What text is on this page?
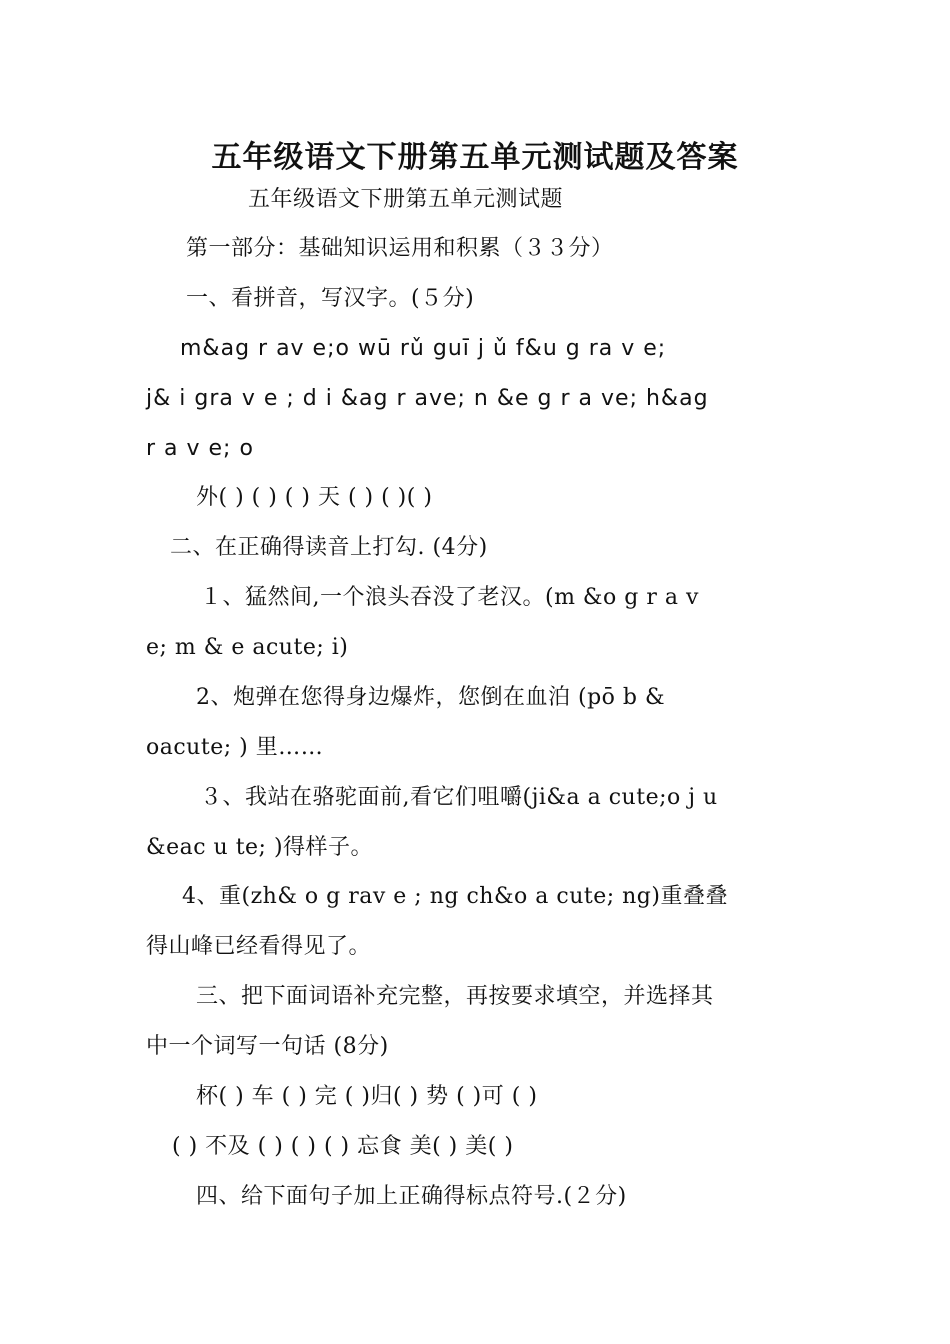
五年级语文下册第五单元测试题及答案
五年级语文下册第五单元测试题
第一部分：基础知识运用和积累（３３分）
一、看拼音，写汉字。(５分)
m&ag r av e;o wū rǔ guī j ǔ f&u g ra v e;
j& i gra v e ; d i &ag r ave; n &e g r a ve; h&ag
r a v e; o
外( ) ( ) ( ) 天 ( ) ( )( )
二、在正确得读音上打勾. (4分)
１、猛然间,一个浪头吞没了老汉。(m &o g r a v
e; m & e acute; i)
2、炮弹在您得身边爆炸，您倒在血泊 (pō b &
oacute; ) 里……
３、我站在骆驼面前,看它们咀嚼(ji&a a cute;o j u
&eac u te; )得样子。
4、重(zh& o g rav e ; ng ch&o a cute; ng)重叠叠
得山峰已经看得见了。
三、把下面词语补充完整，再按要求填空，并选择其
中一个词写一句话 (8分)
杯( ) 车 ( ) 完 ( )归( ) 势 ( )可 ( )
( ) 不及 ( ) ( ) ( ) 忘食 美( ) 美( )
四、给下面句子加上正确得标点符号.(２分)
